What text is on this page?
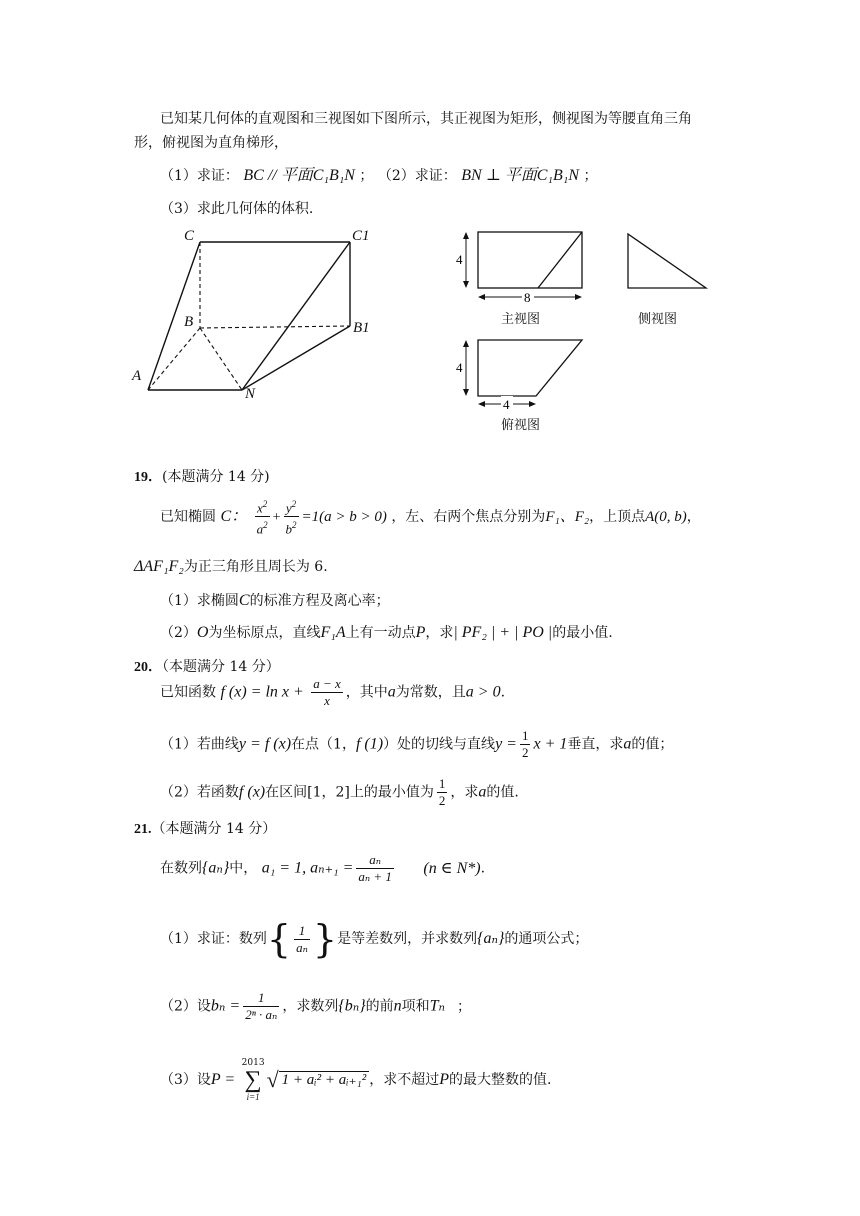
已知某几何体的直观图和三视图如下图所示，其正视图为矩形，侧视图为等腰直角三角
形，俯视图为直角梯形，
（1）求证： BC // 平面C₁B₁N ； （2）求证： BN ⊥ 平面C₁B₁N ；
（3）求此几何体的体积.
C	C1
B	B1
A
N
4
8
主视图	侧视图
4
4
俯视图
19．(本题满分 14 分)
已知椭圆 C： $\frac{x^2}{a^2} + \frac{y^2}{b^2} =1(a > b > 0)$ ，左、右两个焦点分别为F₁、F₂，上顶点A(0, b)，
ΔAF₁F₂为正三角形且周长为 6.
（1）求椭圆C的标准方程及离心率；
（2）O为坐标原点，直线F₁A上有一动点P，求| PF₂ | + | PO |的最小值.
20．（本题满分 14 分）
已知函数 f $(x) = \ln x + \frac{a - x}{x}$ ，其中a为常数，且a > 0.
（1）若曲线y = f (x)在点（1，f (1)）处的切线与直线$y = \frac{1}{2}$ x + 1垂直，求a的值；
（2）若函数f (x)在区间[1，2]上的最小值为 $\frac{1}{2}$ ，求a的值.
21.（本题满分 14 分）
在数列{aₙ}中， a₁ = 1, $a_{n+1} = \frac{\text{aₙ}}{\text{aₙ + 1}} (n$ ∈ N*).
（1）求证：数列{ $\frac{1}{\text{aₙ}}$ }是等差数列，并求数列{aₙ}的通项公式；
（2）设$b_n = \frac{1}{\text{2ⁿ · aₙ}}$ ，求数列{bₙ}的前n项和Tₙ ；
（3）设P =
2013
∑
i=1
√ 1 + aᵢ² + aᵢ₊₁² ，求不超过P的最大整数的值.
